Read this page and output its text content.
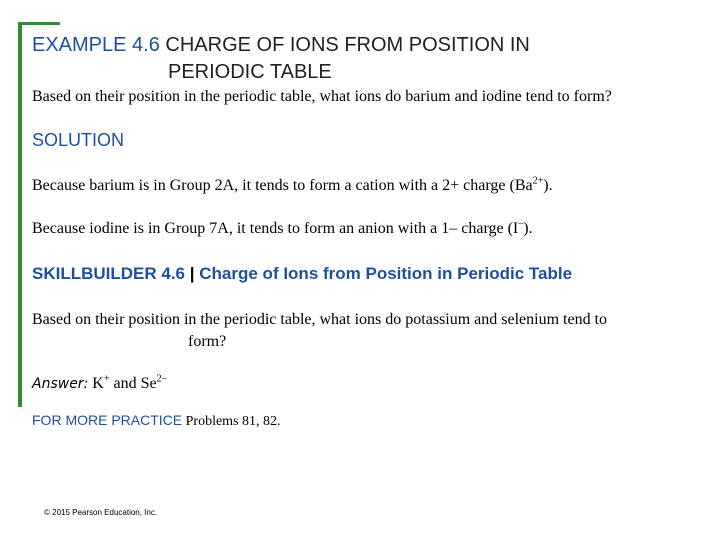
EXAMPLE 4.6 CHARGE OF IONS FROM POSITION IN
PERIODIC TABLE
Based on their position in the periodic table, what ions do barium and iodine tend to form?
SOLUTION
Because barium is in Group 2A, it tends to form a cation with a 2+ charge $(Ba^{2+})$.
Because iodine is in Group 7A, it tends to form an anion with a 1– charge (I–).
SKILLBUILDER 4.6 | Charge of Ions from Position in Periodic Table
Based on their position in the periodic table, what ions do potassium and selenium tend to
form?
Answer: K+ and $Se^{2-}$
FOR MORE PRACTICE Problems 81, 82.
© 2015 Pearson Education, Inc.
